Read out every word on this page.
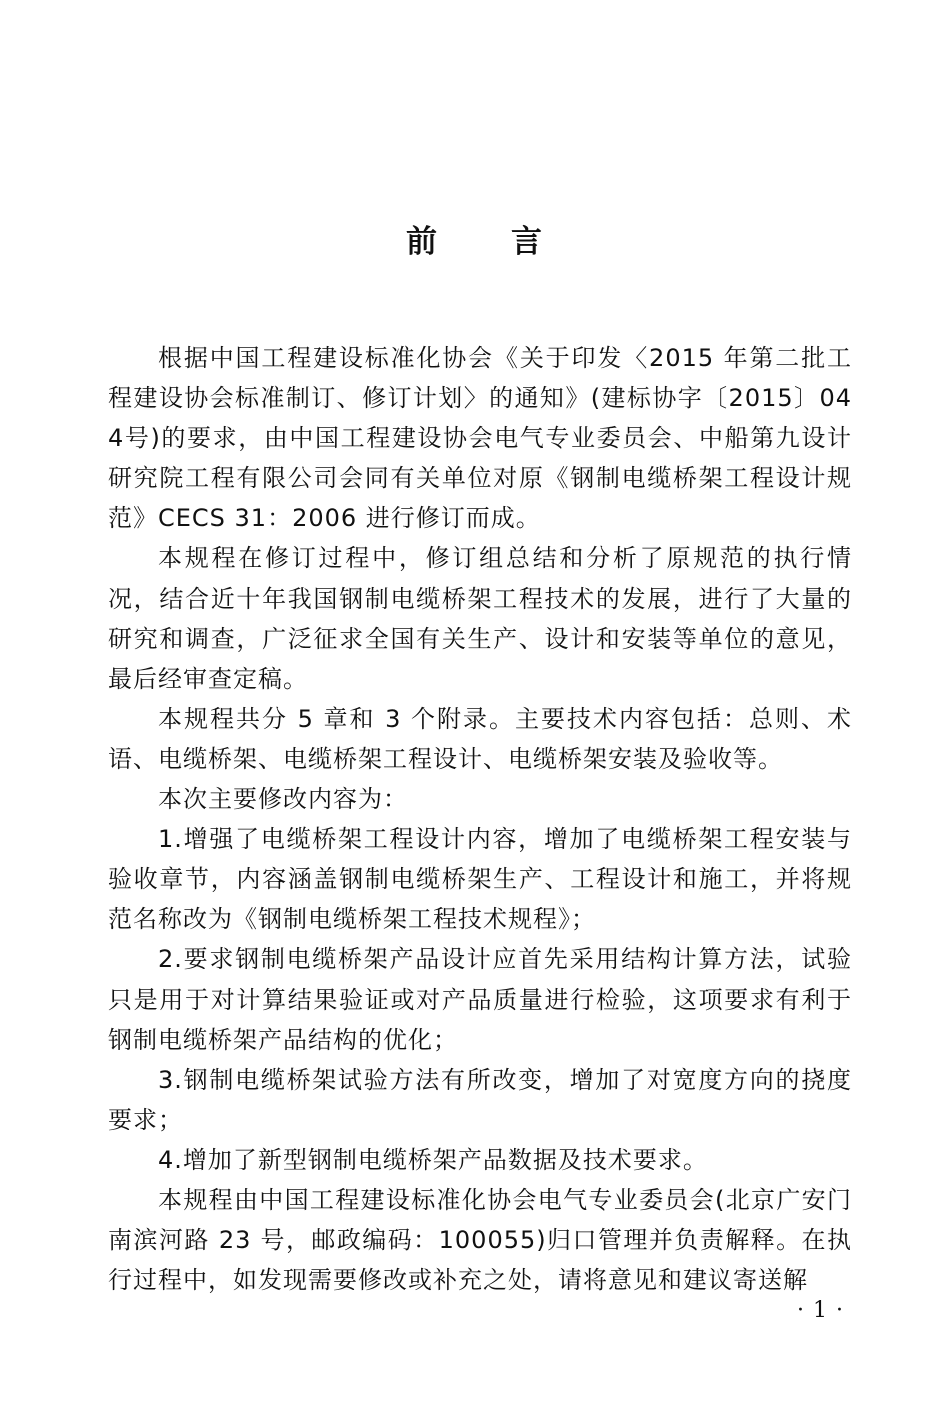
前 言

根据中国工程建设标准化协会《关于印发〈2015 年第二批工程建设协会标准制订、修订计划〉的通知》(建标协字〔2015〕044号)的要求，由中国工程建设协会电气专业委员会、中船第九设计研究院工程有限公司会同有关单位对原《钢制电缆桥架工程设计规范》CECS 31：2006 进行修订而成。

本规程在修订过程中，修订组总结和分析了原规范的执行情况，结合近十年我国钢制电缆桥架工程技术的发展，进行了大量的研究和调查，广泛征求全国有关生产、设计和安装等单位的意见，最后经审查定稿。

本规程共分 5 章和 3 个附录。主要技术内容包括：总则、术语、电缆桥架、电缆桥架工程设计、电缆桥架安装及验收等。

本次主要修改内容为：

1.增强了电缆桥架工程设计内容，增加了电缆桥架工程安装与验收章节，内容涵盖钢制电缆桥架生产、工程设计和施工，并将规范名称改为《钢制电缆桥架工程技术规程》；

2.要求钢制电缆桥架产品设计应首先采用结构计算方法，试验只是用于对计算结果验证或对产品质量进行检验，这项要求有利于钢制电缆桥架产品结构的优化；

3.钢制电缆桥架试验方法有所改变，增加了对宽度方向的挠度要求；

4.增加了新型钢制电缆桥架产品数据及技术要求。

本规程由中国工程建设标准化协会电气专业委员会(北京广安门南滨河路 23 号，邮政编码：100055)归口管理并负责解释。在执行过程中，如发现需要修改或补充之处，请将意见和建议寄送解

· 1 ·
